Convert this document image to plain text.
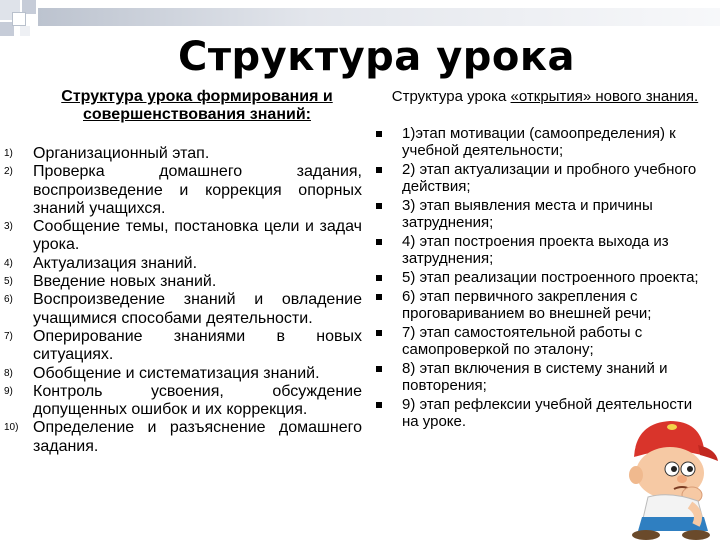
Структура урока
Структура урока формирования и совершенствования знаний:
1) Организационный этап.
2) Проверка домашнего задания, воспроизведение и коррекция опорных знаний учащихся.
3) Сообщение темы, постановка цели и задач урока.
4) Актуализация знаний.
5) Введение новых знаний.
6) Воспроизведение знаний и овладение учащимися способами деятельности.
7) Оперирование знаниями в новых ситуациях.
8) Обобщение и систематизация знаний.
9) Контроль усвоения, обсуждение допущенных ошибок и их коррекция.
10) Определение и разъяснение домашнего задания.
Структура урока «открытия» нового знания.
1)этап мотивации (самоопределения) к учебной деятельности;
2) этап актуализации и пробного учебного действия;
3) этап выявления места и причины затруднения;
4) этап построения проекта выхода из затруднения;
5) этап реализации построенного проекта;
6) этап первичного закрепления с проговариванием во внешней речи;
7) этап самостоятельной работы с самопроверкой по эталону;
8) этап включения в систему знаний и повторения;
9) этап рефлексии учебной деятельности на уроке.
